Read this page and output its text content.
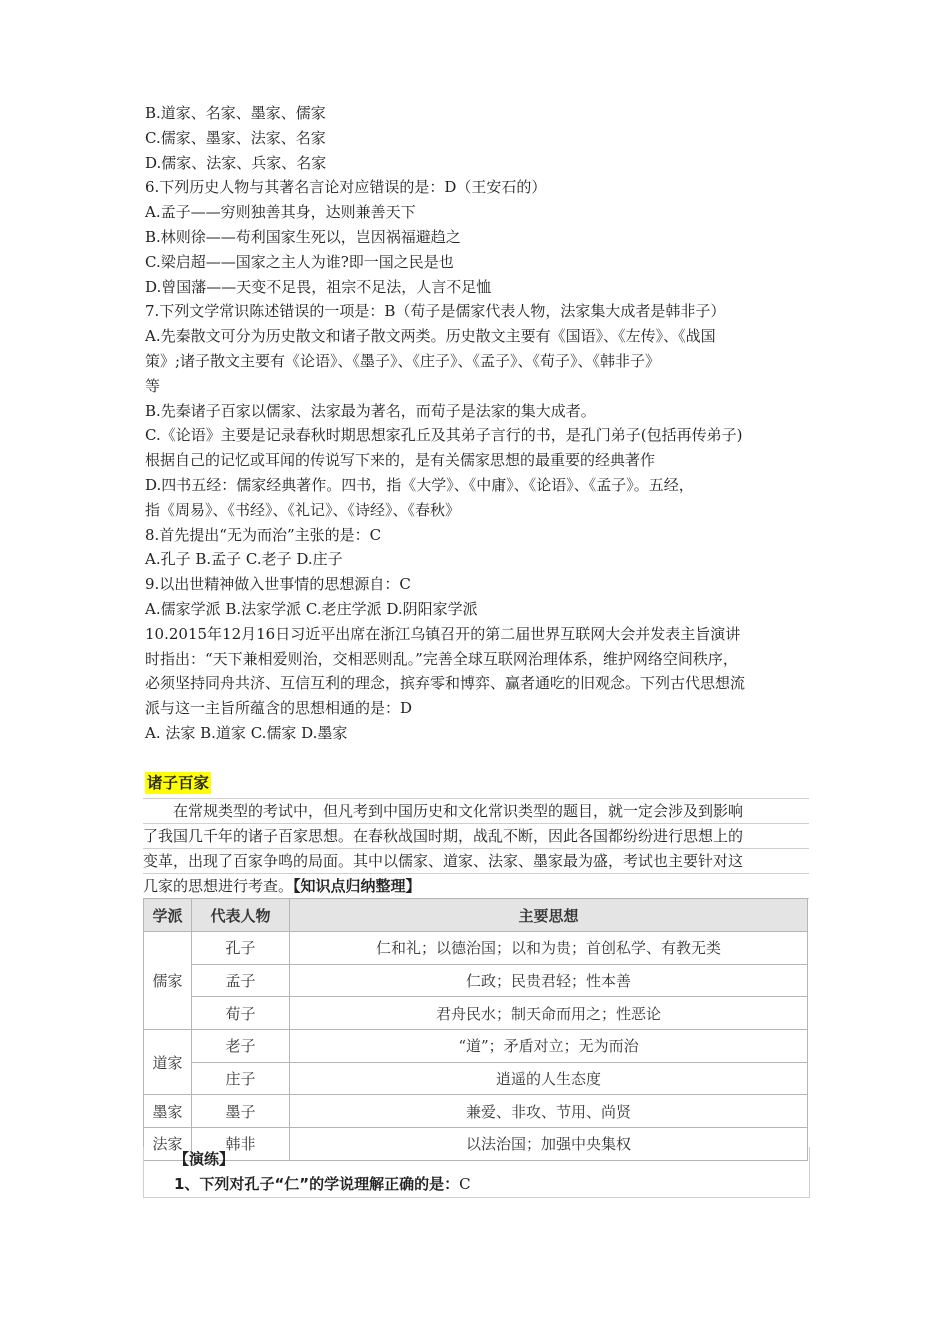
B.道家、名家、墨家、儒家
C.儒家、墨家、法家、名家
D.儒家、法家、兵家、名家
6.下列历史人物与其著名言论对应错误的是：D（王安石的）
A.孟子——穷则独善其身，达则兼善天下
B.林则徐——苟利国家生死以，岂因祸福避趋之
C.梁启超——国家之主人为谁?即一国之民是也
D.曾国藩——天变不足畏，祖宗不足法，人言不足恤
7.下列文学常识陈述错误的一项是：B（荀子是儒家代表人物，法家集大成者是韩非子）
A.先秦散文可分为历史散文和诸子散文两类。历史散文主要有《国语》、《左传》、《战国
策》;诸子散文主要有《论语》、《墨子》、《庄子》、《孟子》、《荀子》、《韩非子》
等
B.先秦诸子百家以儒家、法家最为著名，而荀子是法家的集大成者。
C.《论语》主要是记录春秋时期思想家孔丘及其弟子言行的书，是孔门弟子(包括再传弟子)
根据自己的记忆或耳闻的传说写下来的，是有关儒家思想的最重要的经典著作
D.四书五经：儒家经典著作。四书，指《大学》、《中庸》、《论语》、《孟子》。五经，
指《周易》、《书经》、《礼记》、《诗经》、《春秋》
8.首先提出“无为而治”主张的是：C
A.孔子 B.孟子 C.老子 D.庄子
9.以出世精神做入世事情的思想源自：C
A.儒家学派 B.法家学派 C.老庄学派 D.阴阳家学派
10.2015年12月16日习近平出席在浙江乌镇召开的第二届世界互联网大会并发表主旨演讲
时指出：“天下兼相爱则治，交相恶则乱。”完善全球互联网治理体系，维护网络空间秩序，
必须坚持同舟共济、互信互利的理念，摈弃零和博弈、赢者通吃的旧观念。下列古代思想流
派与这一主旨所蕴含的思想相通的是：D
A. 法家 B.道家 C.儒家 D.墨家
诸子百家
在常规类型的考试中，但凡考到中国历史和文化常识类型的题目，就一定会涉及到影响
了我国几千年的诸子百家思想。在春秋战国时期，战乱不断，因此各国都纷纷进行思想上的
变革，出现了百家争鸣的局面。其中以儒家、道家、法家、墨家最为盛，考试也主要针对这
几家的思想进行考查。【知识点归纳整理】
学派	代表人物	主要思想
儒家	孔子	仁和礼；以德治国；以和为贵；首创私学、有教无类
	孟子	仁政；民贵君轻；性本善
	荀子	君舟民水；制天命而用之；性恶论
道家	老子	“道”；矛盾对立；无为而治
	庄子	逍遥的人生态度
墨家	墨子	兼爱、非攻、节用、尚贤
法家	韩非	以法治国；加强中央集权
【演练】
1、下列对孔子“仁”的学说理解正确的是：C
